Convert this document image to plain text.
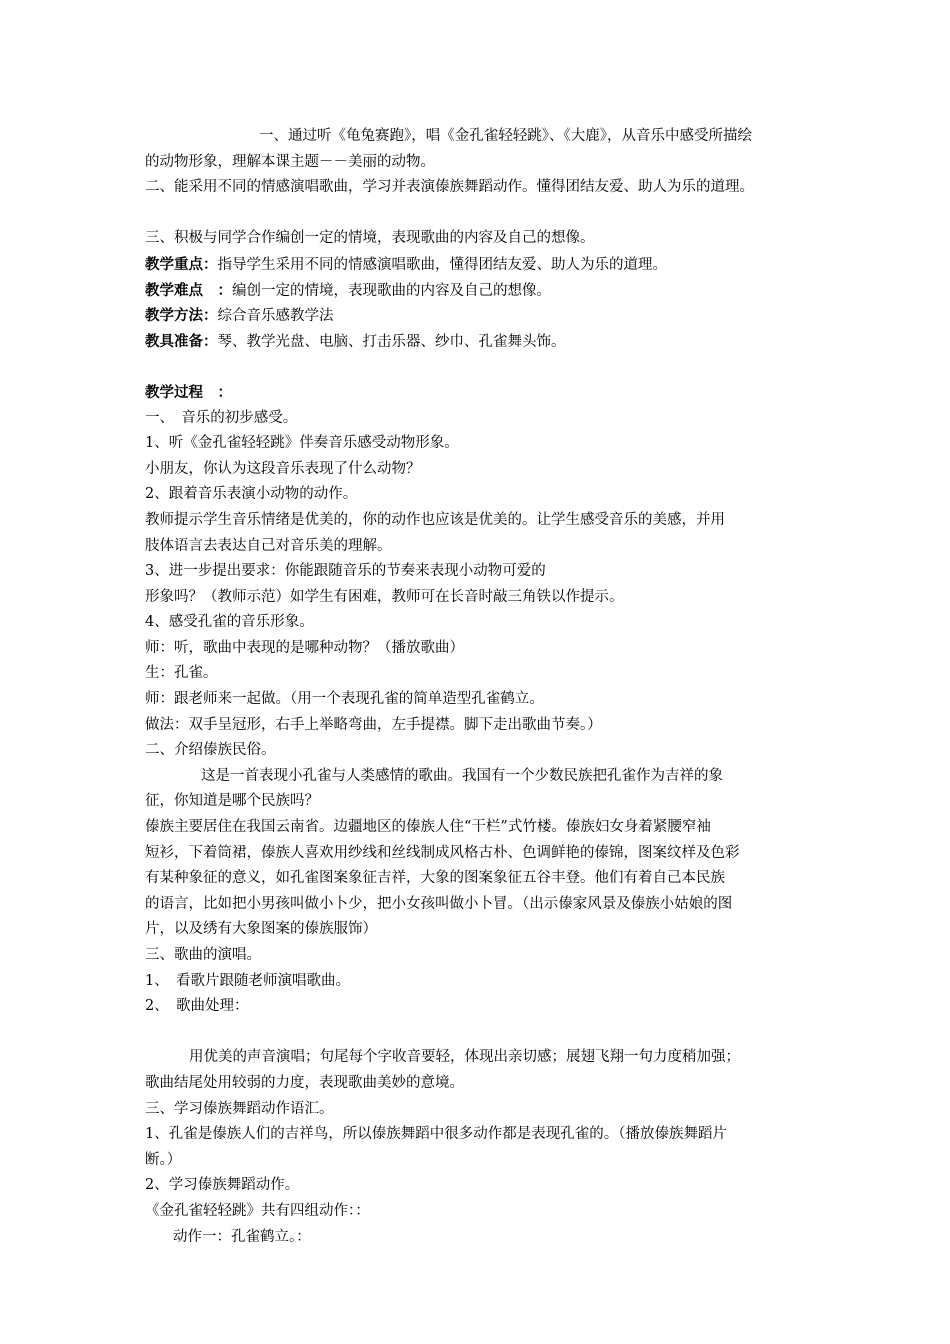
一、通过听《龟兔赛跑》，唱《金孔雀轻轻跳》、《大鹿》，从音乐中感受所描绘
的动物形象，理解本课主题－－美丽的动物。
二、能采用不同的情感演唱歌曲，学习并表演傣族舞蹈动作。懂得团结友爱、助人为乐的道理。
三、积极与同学合作编创一定的情境，表现歌曲的内容及自己的想像。
教学重点：指导学生采用不同的情感演唱歌曲，懂得团结友爱、助人为乐的道理。
教学难点　：编创一定的情境，表现歌曲的内容及自己的想像。
教学方法：综合音乐感教学法
教具准备：琴、教学光盘、电脑、打击乐器、纱巾、孔雀舞头饰。
教学过程　：
一、　音乐的初步感受。
1、听《金孔雀轻轻跳》伴奏音乐感受动物形象。
小朋友，你认为这段音乐表现了什么动物？
2、跟着音乐表演小动物的动作。
教师提示学生音乐情绪是优美的，你的动作也应该是优美的。让学生感受音乐的美感，并用
肢体语言去表达自己对音乐美的理解。
3、进一步提出要求：你能跟随音乐的节奏来表现小动物可爱的
形象吗？（教师示范）如学生有困难，教师可在长音时敲三角铁以作提示。
4、感受孔雀的音乐形象。
师：听，歌曲中表现的是哪种动物？（播放歌曲）
生：孔雀。
师：跟老师来一起做。（用一个表现孔雀的简单造型孔雀鹤立。
做法：双手呈冠形，右手上举略弯曲，左手提襟。脚下走出歌曲节奏。）
二、介绍傣族民俗。
这是一首表现小孔雀与人类感情的歌曲。我国有一个少数民族把孔雀作为吉祥的象
征，你知道是哪个民族吗？
傣族主要居住在我国云南省。边疆地区的傣族人住“干栏”式竹楼。傣族妇女身着紧腰窄袖
短衫，下着筒裙，傣族人喜欢用纱线和丝线制成风格古朴、色调鲜艳的傣锦，图案纹样及色彩
有某种象征的意义，如孔雀图案象征吉祥，大象的图案象征五谷丰登。他们有着自己本民族
的语言，比如把小男孩叫做小卜少，把小女孩叫做小卜冒。（出示傣家风景及傣族小姑娘的图
片，以及绣有大象图案的傣族服饰）
三、歌曲的演唱。
1、　看歌片跟随老师演唱歌曲。
2、　歌曲处理：
用优美的声音演唱；句尾每个字收音要轻，体现出亲切感；展翅飞翔一句力度稍加强；
歌曲结尾处用较弱的力度，表现歌曲美妙的意境。
三、学习傣族舞蹈动作语汇。
1、孔雀是傣族人们的吉祥鸟，所以傣族舞蹈中很多动作都是表现孔雀的。（播放傣族舞蹈片
断。）
2、学习傣族舞蹈动作。
《金孔雀轻轻跳》共有四组动作：：
动作一：孔雀鹤立。：
